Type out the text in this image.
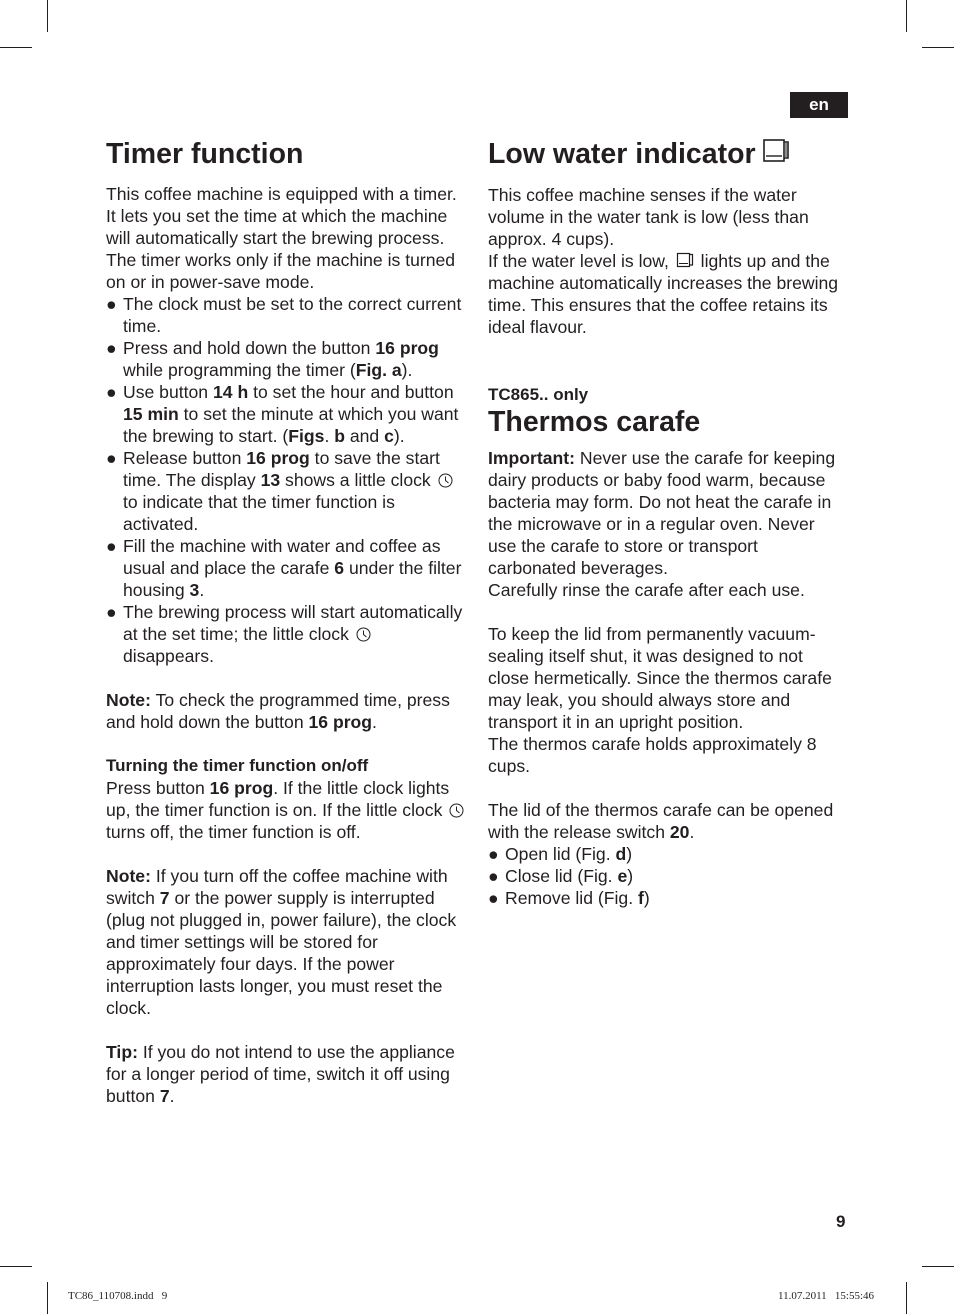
en
Timer function

This coffee machine is equipped with a timer.

It lets you set the time at which the machine will automatically start the brewing process. The timer works only if the machine is turned on or in power-save mode.

● The clock must be set to the correct current time.
● Press and hold down the button 16 prog while programming the timer (Fig. a).
● Use button 14 h to set the hour and button 15 min to set the minute at which you want the brewing to start. (Figs. b and c).
● Release button 16 prog to save the start time. The display 13 shows a little clock
to indicate that the timer function is activated.
● Fill the machine with water and coffee as usual and place the carafe 6 under the filter housing 3.
● The brewing process will start automatically at the set time; the little clock
disappears.

Note: To check the programmed time, press and hold down the button 16 prog.

Turning the timer function on/off

Press button 16 prog. If the little clock lights up, the timer function is on. If the little clock
turns off, the timer function is off.

Note: If you turn off the coffee machine with switch 7 or the power supply is interrupted (plug not plugged in, power failure), the clock and timer settings will be stored for approximately four days. If the power interruption lasts longer, you must reset the clock.

Tip: If you do not intend to use the appliance for a longer period of time, switch it off using button 7.

Low water indicator

This coffee machine senses if the water volume in the water tank is low (less than approx. 4 cups).

If the water level is low,
lights up and the machine automatically increases the brewing time. This ensures that the coffee retains its ideal flavour.

TC865.. only

Thermos carafe

Important: Never use the carafe for keeping dairy products or baby food warm, because bacteria may form. Do not heat the carafe in the microwave or in a regular oven. Never use the carafe to store or transport carbonated beverages.

Carefully rinse the carafe after each use.

To keep the lid from permanently vacuum-sealing itself shut, it was designed to not close hermetically. Since the thermos carafe may leak, you should always store and transport it in an upright position.

The thermos carafe holds approximately 8 cups.

The lid of the thermos carafe can be opened with the release switch 20.

● Open lid (Fig. d)
● Close lid (Fig. e)
● Remove lid (Fig. f)
9
TC86_110708.indd   9	11.07.2011   15:55:46
